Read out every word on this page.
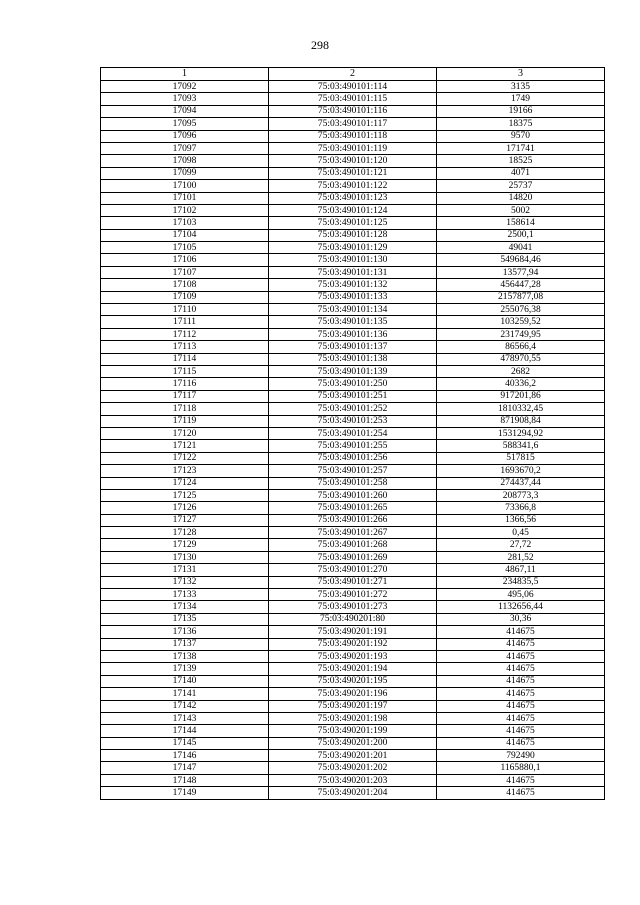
298
1	2	3
17092	75:03:490101:114	3135
17093	75:03:490101:115	1749
17094	75:03:490101:116	19166
17095	75:03:490101:117	18375
17096	75:03:490101:118	9570
17097	75:03:490101:119	171741
17098	75:03:490101:120	18525
17099	75:03:490101:121	4071
17100	75:03:490101:122	25737
17101	75:03:490101:123	14820
17102	75:03:490101:124	5002
17103	75:03:490101:125	158614
17104	75:03:490101:128	2500,1
17105	75:03:490101:129	49041
17106	75:03:490101:130	549684,46
17107	75:03:490101:131	13577,94
17108	75:03:490101:132	456447,28
17109	75:03:490101:133	2157877,08
17110	75:03:490101:134	255076,38
17111	75:03:490101:135	103259,52
17112	75:03:490101:136	231749,95
17113	75:03:490101:137	86566,4
17114	75:03:490101:138	478970,55
17115	75:03:490101:139	2682
17116	75:03:490101:250	40336,2
17117	75:03:490101:251	917201,86
17118	75:03:490101:252	1810332,45
17119	75:03:490101:253	871908,84
17120	75:03:490101:254	1531294,92
17121	75:03:490101:255	588341,6
17122	75:03:490101:256	517815
17123	75:03:490101:257	1693670,2
17124	75:03:490101:258	274437,44
17125	75:03:490101:260	208773,3
17126	75:03:490101:265	73366,8
17127	75:03:490101:266	1366,56
17128	75:03:490101:267	0,45
17129	75:03:490101:268	27,72
17130	75:03:490101:269	281,52
17131	75:03:490101:270	4867,11
17132	75:03:490101:271	234835,5
17133	75:03:490101:272	495,06
17134	75:03:490101:273	1132656,44
17135	75:03:490201:80	30,36
17136	75:03:490201:191	414675
17137	75:03:490201:192	414675
17138	75:03:490201:193	414675
17139	75:03:490201:194	414675
17140	75:03:490201:195	414675
17141	75:03:490201:196	414675
17142	75:03:490201:197	414675
17143	75:03:490201:198	414675
17144	75:03:490201:199	414675
17145	75:03:490201:200	414675
17146	75:03:490201:201	792490
17147	75:03:490201:202	1165880,1
17148	75:03:490201:203	414675
17149	75:03:490201:204	414675
